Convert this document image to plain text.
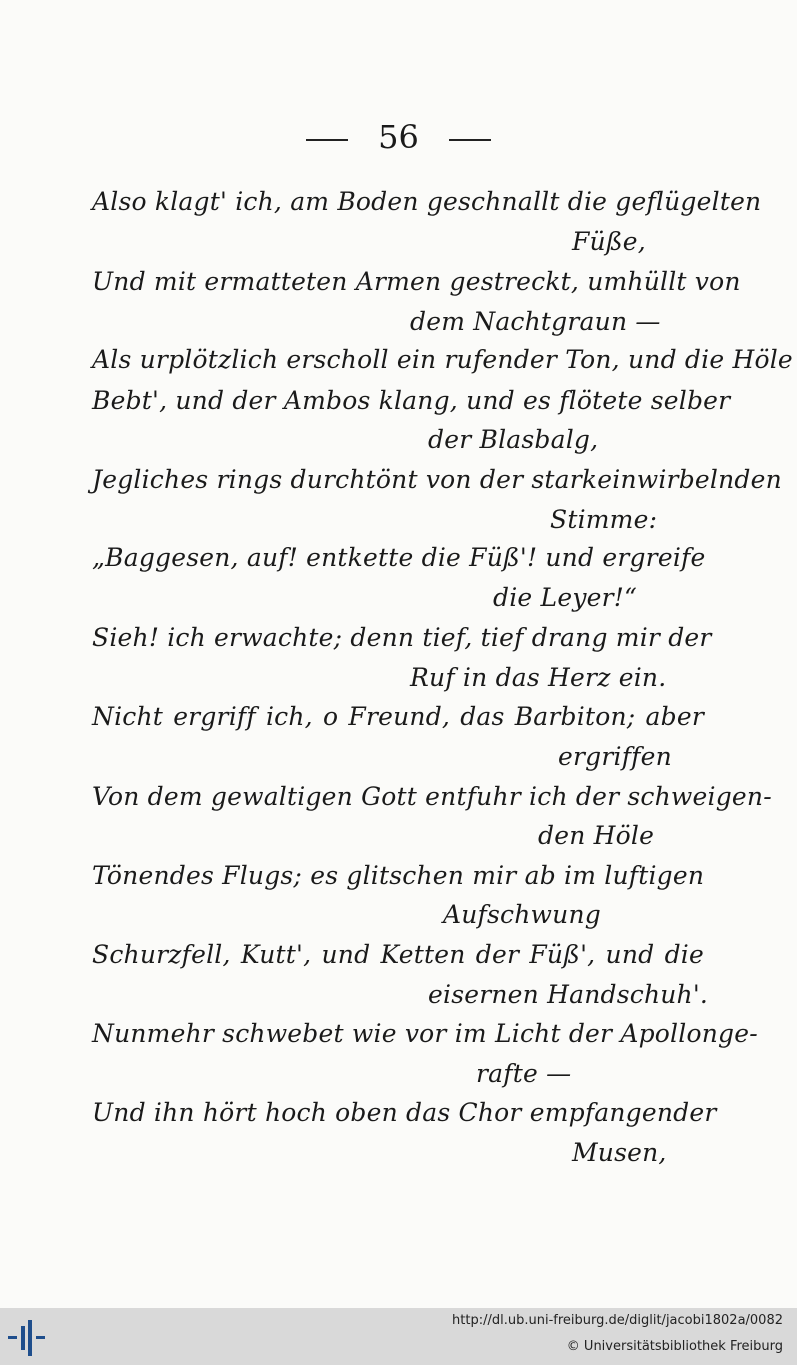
56
Also klagt' ich, am Boden geschnallt die geflügelten
Füße,
Und mit ermatteten Armen gestreckt, umhüllt von
dem Nachtgraun —
Als urplötzlich erscholl ein rufender Ton, und die Höle
Bebt', und der Ambos klang, und es flötete selber
der Blasbalg,
Jegliches rings durchtönt von der starkeinwirbelnden
Stimme:
„Baggesen, auf! entkette die Füß'! und ergreife
die Leyer!“
Sieh! ich erwachte; denn tief, tief drang mir der
Ruf in das Herz ein.
Nicht ergriff ich, o Freund, das Barbiton; aber
ergriffen
Von dem gewaltigen Gott entfuhr ich der schweigen-
den Höle
Tönendes Flugs; es glitschen mir ab im luftigen
Aufschwung
Schurzfell, Kutt', und Ketten der Füß', und die
eisernen Handschuh'.
Nunmehr schwebet wie vor im Licht der Apollonge-
rafte —
Und ihn hört hoch oben das Chor empfangender
Musen,
http://dl.ub.uni-freiburg.de/diglit/jacobi1802a/0082
© Universitätsbibliothek Freiburg
